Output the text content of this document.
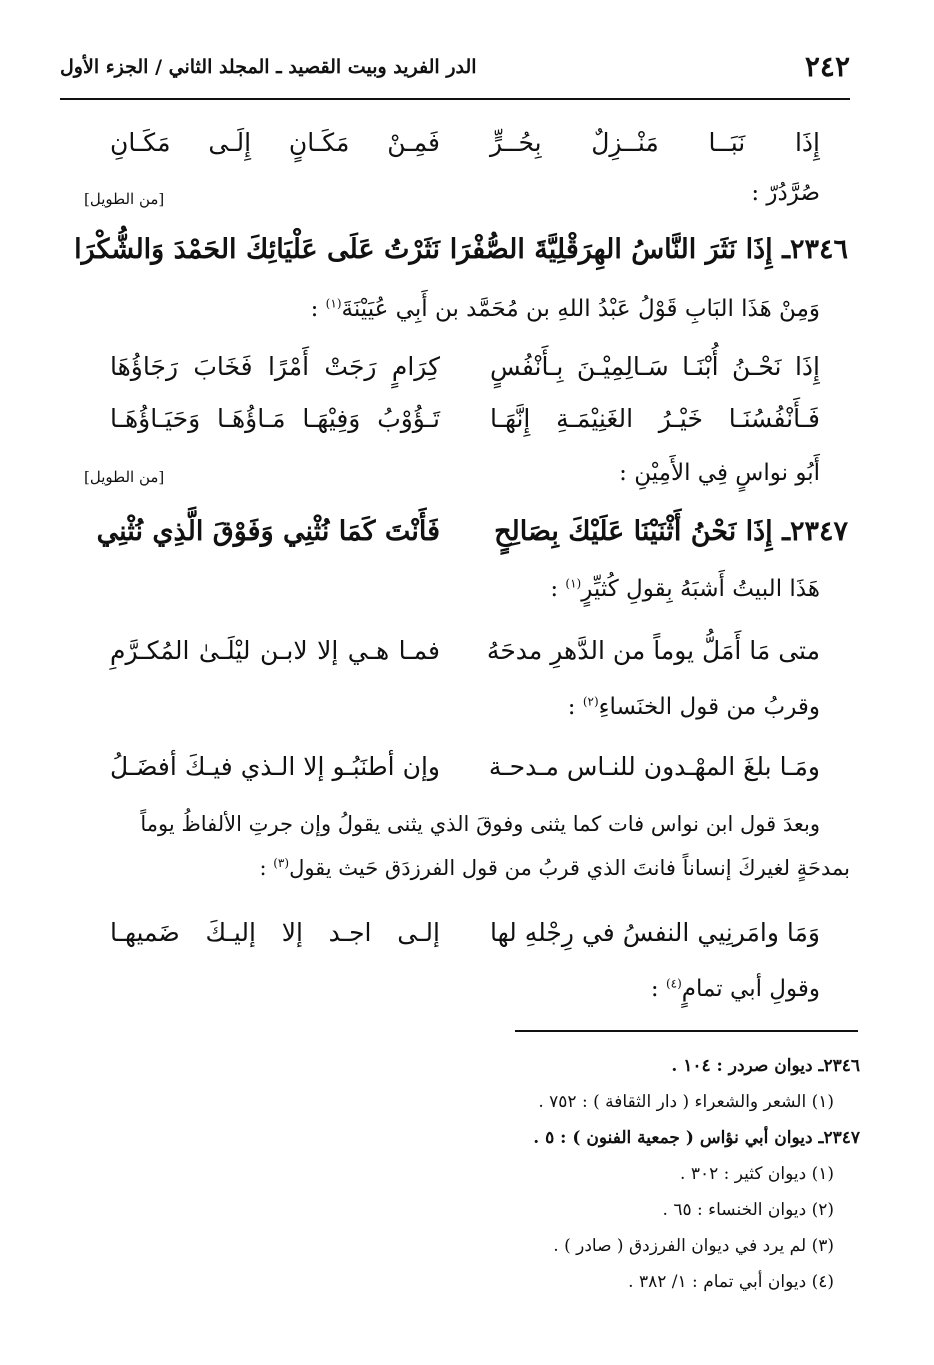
٢٤٢
الدر الفريد وبيت القصيد ـ المجلد الثاني / الجزء الأول
إِذَا نَبَــا مَنْــزِلٌ بِحُــرٍّ
فَمِـنْ مَكَـانٍ إِلَـى مَكَـانِ
صُرَّدُرّ :
[من الطويل]
٢٣٤٦ـ إِذَا نَثَرَ النَّاسُ الهِرَقْلِيَّةَ الصُّفْرَا
نَثَرْتُ عَلَى عَلْيَائِكَ الحَمْدَ وَالشُّكْرَا
وَمِنْ هَذَا البَابِ قَوْلُ عَبْدُ اللهِ بن مُحَمَّد بن أَبِي عُيَيْنَةَ$^{(١)}$ :
إِذَا نَحْـنُ أُبْنَـا سَـالِمِيْـنَ بِـأَنْفُسٍ
كِرَامٍ رَجَتْ أَمْرًا فَخَابَ رَجَاؤُهَا
فَـأَنْفُسُنَـا خَيْـرُ الغَنِيْمَـةِ إِنَّهَـا
تَـؤُوْبُ وَفِيْهَـا مَـاؤُهَـا وَحَيَـاؤُهَـا
أَبُو نواسٍ فِي الأَمِيْنِ :
[من الطويل]
٢٣٤٧ـ إِذَا نَحْنُ أَثْنَيْنَا عَلَيْكَ بِصَالِحٍ
فَأَنْتَ كَمَا نُثْنِي وَفَوْقَ الَّذِي نُثْنِي
هَذَا البيتُ أَشبَهُ بِقولِ كُثيِّرٍ$^{(١)}$ :
متى مَا أَمَلُّ يوماً من الدَّهرِ مدحَهُ
فمـا هـي إلا لابـن ليْلَـىٰ المُكـرَّمِ
وقربُ من قول الخنَساءِ$^{(٢)}$ :
ومَـا بلغَ المهْـدون للنـاس مـدحـة
وإن أطنَبُـو إلا الـذي فيـكَ أفضَـلُ
وبعدَ قول ابن نواس فات كما يثنى وفوقَ الذي يثنى يقولُ وإن جرتِ الألفاظُ يوماً
بمدحَةٍ لغيركَ إنساناً فانتَ الذي قربُ من قول الفرزدَق حَيث يقول$^{(٣)}$ :
وَمَا وامَرنِيي النفسُ في رِجْلهِ لها
إلـى اجـد إلا إليـكَ ضَميهـا
وقولِ أبي تمامٍ$^{(٤)}$ :
٢٣٤٦ـ ديوان صردر : ١٠٤ .
(١) الشعر والشعراء ( دار الثقافة ) : ٧٥٢ .
٢٣٤٧ـ ديوان أبي نؤاس ( جمعية الفنون ) : ٥ .
(١) ديوان كثير : ٣٠٢ .
(٢) ديوان الخنساء : ٦٥ .
(٣) لم يرد في ديوان الفرزدق ( صادر ) .
(٤) ديوان أبي تمام : ١/ ٣٨٢ .
